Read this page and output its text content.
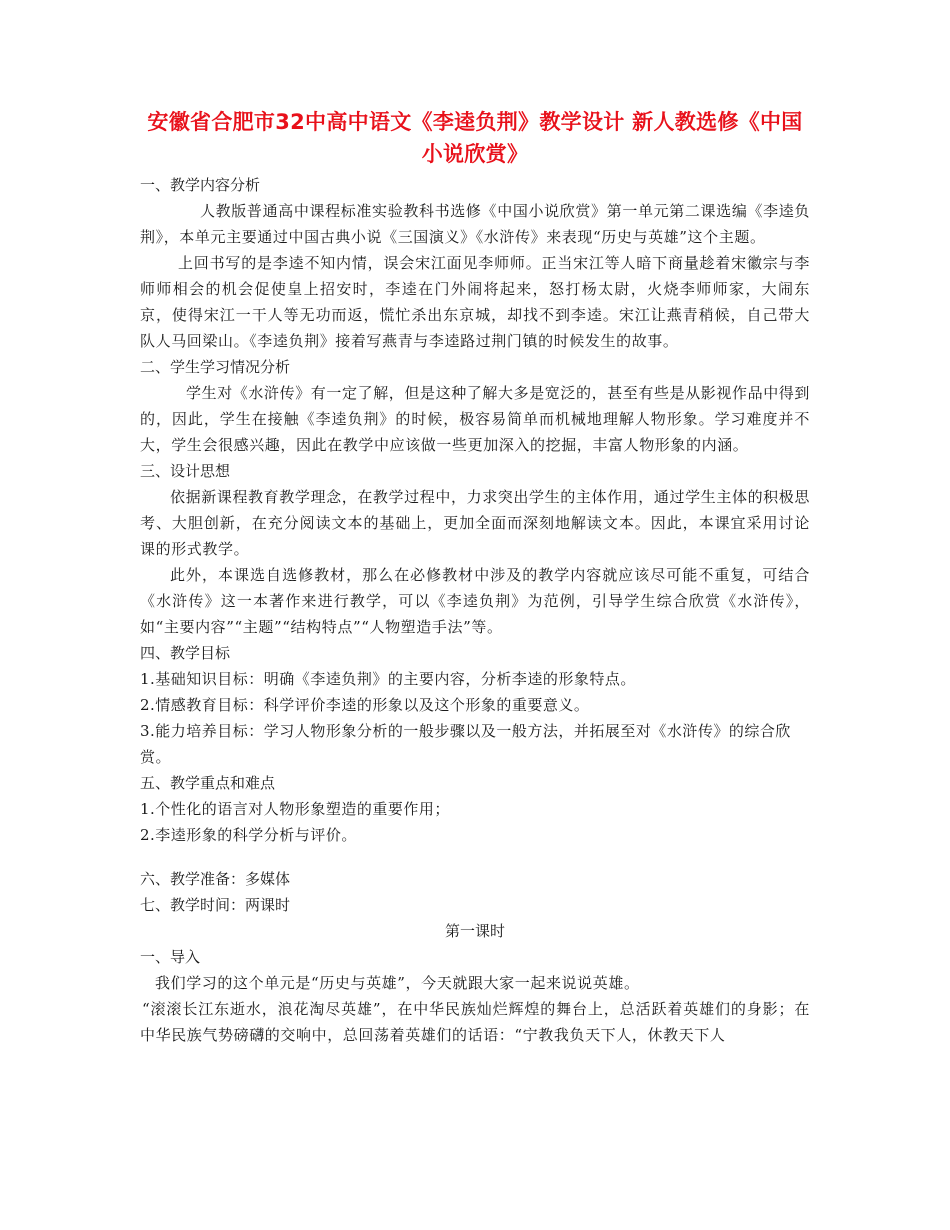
安徽省合肥市32中高中语文《李逵负荆》教学设计 新人教选修《中国小说欣赏》

一、教学内容分析

人教版普通高中课程标准实验教科书选修《中国小说欣赏》第一单元第二课选编《李逵负荆》，本单元主要通过中国古典小说《三国演义》《水浒传》来表现“历史与英雄”这个主题。

上回书写的是李逵不知内情，误会宋江面见李师师。正当宋江等人暗下商量趁着宋徽宗与李师师相会的机会促使皇上招安时，李逵在门外闹将起来，怒打杨太尉，火烧李师师家，大闹东京，使得宋江一干人等无功而返，慌忙杀出东京城，却找不到李逵。宋江让燕青稍候，自己带大队人马回梁山。《李逵负荆》接着写燕青与李逵路过荆门镇的时候发生的故事。

二、学生学习情况分析

学生对《水浒传》有一定了解，但是这种了解大多是宽泛的，甚至有些是从影视作品中得到的，因此，学生在接触《李逵负荆》的时候，极容易简单而机械地理解人物形象。学习难度并不大，学生会很感兴趣，因此在教学中应该做一些更加深入的挖掘，丰富人物形象的内涵。

三、设计思想

依据新课程教育教学理念，在教学过程中，力求突出学生的主体作用，通过学生主体的积极思考、大胆创新，在充分阅读文本的基础上，更加全面而深刻地解读文本。因此，本课宜采用讨论课的形式教学。

此外，本课选自选修教材，那么在必修教材中涉及的教学内容就应该尽可能不重复，可结合《水浒传》这一本著作来进行教学，可以《李逵负荆》为范例，引导学生综合欣赏《水浒传》，如“主要内容”“主题”“结构特点”“人物塑造手法”等。

四、教学目标

1.基础知识目标：明确《李逵负荆》的主要内容，分析李逵的形象特点。

2.情感教育目标：科学评价李逵的形象以及这个形象的重要意义。

3.能力培养目标：学习人物形象分析的一般步骤以及一般方法，并拓展至对《水浒传》的综合欣赏。

五、教学重点和难点

1.个性化的语言对人物形象塑造的重要作用；

2.李逵形象的科学分析与评价。

六、教学准备：多媒体

七、教学时间：两课时

第一课时

一、导入

我们学习的这个单元是“历史与英雄”，今天就跟大家一起来说说英雄。

“滚滚长江东逝水，浪花淘尽英雄”，在中华民族灿烂辉煌的舞台上，总活跃着英雄们的身影；在中华民族气势磅礴的交响中，总回荡着英雄们的话语：“宁教我负天下人，休教天下人
